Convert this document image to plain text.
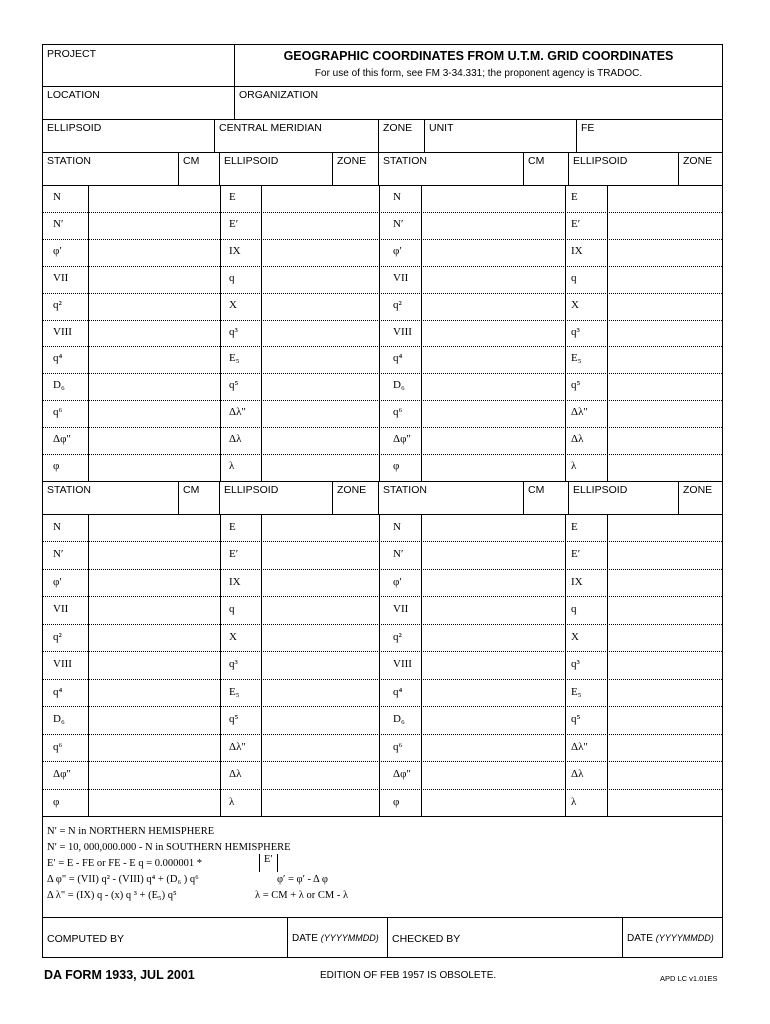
PROJECT	GEOGRAPHIC COORDINATES FROM U.T.M. GRID COORDINATES
For use of this form, see FM 3-34.331; the proponent agency is TRADOC.
LOCATION	ORGANIZATION
ELLIPSOID	CENTRAL MERIDIAN	ZONE UNIT	FE
STATION	CM ELLIPSOID	ZONE STATION	CM	ELLIPSOID	ZONE
N	E	N	E
N′	E′	N′	E′
φ′	IX	φ′	IX
VII	q	VII	q
q²	X	q²	X
VIII	q³	VIII	q³
q⁴	E₅	q⁴	E₅
D₆	q⁵	D₆	q⁵
q⁶	Δλ"	q⁶	Δλ"
Δφ"	Δλ	Δφ"	Δλ
φ	λ	φ	λ
STATION	CM ELLIPSOID	ZONE STATION	CM	ELLIPSOID	ZONE
N	E	N	E
N′	E′	N′	E′
φ′	IX	φ′	IX
VII	q	VII	q
q²	X	q²	X
VIII	q³	VIII	q³
q⁴	E₅	q⁴	E₅
D₆	q⁵	D₆	q⁵
q⁶	Δλ"	q⁶	Δλ"
Δφ"	Δλ	Δφ"	Δλ
φ	λ	φ	λ
N′ = N in NORTHERN HEMISPHERE
N′ = 10, 000,000.000 - N in SOUTHERN HEMISPHERE
E′ = E - FE or FE - E q = 0.000001 *
Δ φ" = (VII) q² - (VIII) q⁴ + (D₆ ) q⁶
Δ λ" = (IX) q - (x) q ³ + (E₅) q⁵
E′
φ′ = φ′ - Δ φ
λ = CM + λ or CM - λ
COMPUTED BY	DATE (YYYYMMDD) CHECKED BY	DATE (YYYYMMDD)
DA FORM 1933, JUL 2001	EDITION OF FEB 1957 IS OBSOLETE.	APD LC v1.01ES
